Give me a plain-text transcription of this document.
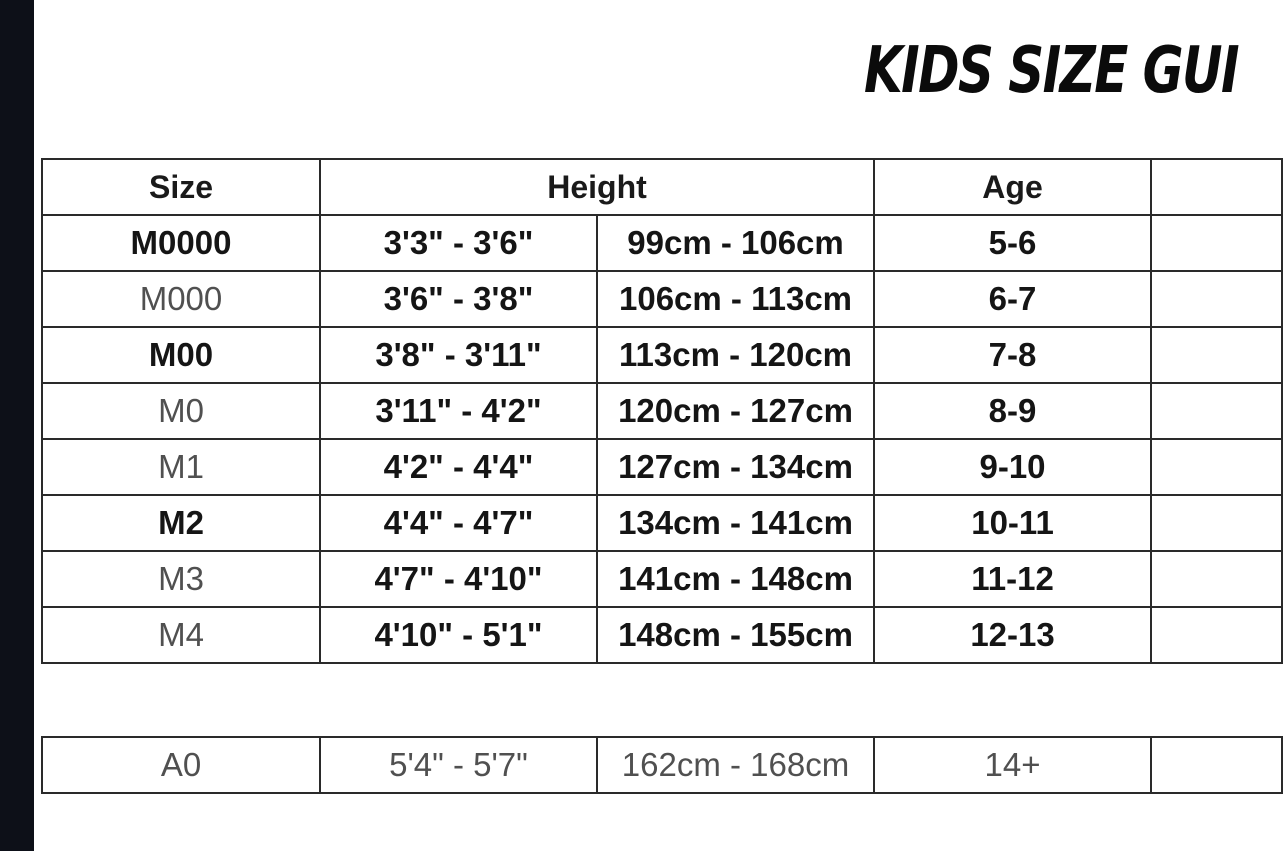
KIDS SIZE GUI
Size	Height		Age	
M0000	3'3" - 3'6"	99cm - 106cm	5-6	
M000	3'6" - 3'8"	106cm - 113cm	6-7	
M00	3'8" - 3'11"	113cm - 120cm	7-8	
M0	3'11" - 4'2"	120cm - 127cm	8-9	
M1	4'2" - 4'4"	127cm - 134cm	9-10	
M2	4'4" - 4'7"	134cm - 141cm	10-11	
M3	4'7" - 4'10"	141cm - 148cm	11-12	
M4	4'10" - 5'1"	148cm - 155cm	12-13	
A0	5'4" - 5'7"	162cm - 168cm	14+	
